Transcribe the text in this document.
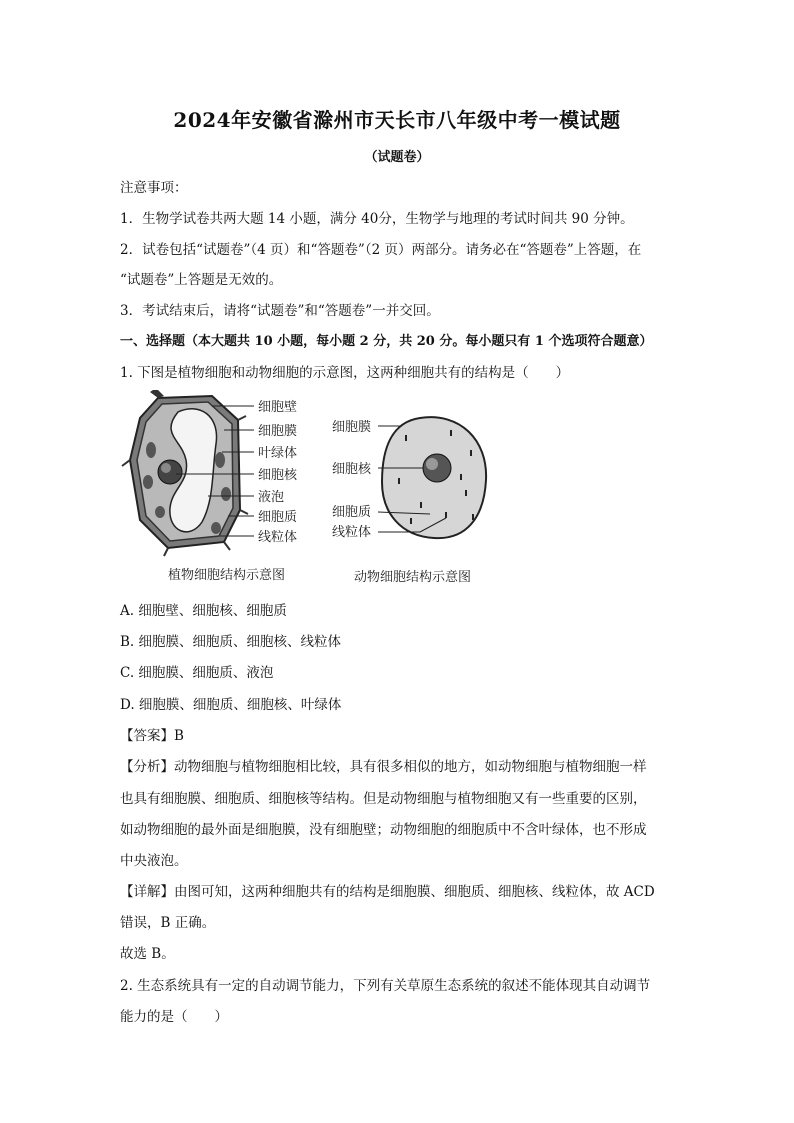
2024年安徽省滁州市天长市八年级中考一模试题
（试题卷）
注意事项：
1．生物学试卷共两大题 14 小题，满分 40分，生物学与地理的考试时间共 90 分钟。
2．试卷包括“试题卷”（4 页）和“答题卷”（2 页）两部分。请务必在“答题卷”上答题，在
“试题卷”上答题是无效的。
3．考试结束后，请将“试题卷”和“答题卷”一并交回。
一、选择题（本大题共 10 小题，每小题 2 分，共 20 分。每小题只有 1 个选项符合题意）
1. 下图是植物细胞和动物细胞的示意图，这两种细胞共有的结构是（　　）
细胞壁
细胞膜
叶绿体
细胞核
液泡
细胞质
线粒体
植物细胞结构示意图
细胞膜
细胞核
细胞质
线粒体
动物细胞结构示意图
A. 细胞壁、细胞核、细胞质
B. 细胞膜、细胞质、细胞核、线粒体
C. 细胞膜、细胞质、液泡
D. 细胞膜、细胞质、细胞核、叶绿体
【答案】B
【分析】动物细胞与植物细胞相比较，具有很多相似的地方，如动物细胞与植物细胞一样
也具有细胞膜、细胞质、细胞核等结构。但是动物细胞与植物细胞又有一些重要的区别，
如动物细胞的最外面是细胞膜，没有细胞壁；动物细胞的细胞质中不含叶绿体，也不形成
中央液泡。
【详解】由图可知，这两种细胞共有的结构是细胞膜、细胞质、细胞核、线粒体，故 ACD
错误，B 正确。
故选 B。
2. 生态系统具有一定的自动调节能力，下列有关草原生态系统的叙述不能体现其自动调节
能力的是（　　）
